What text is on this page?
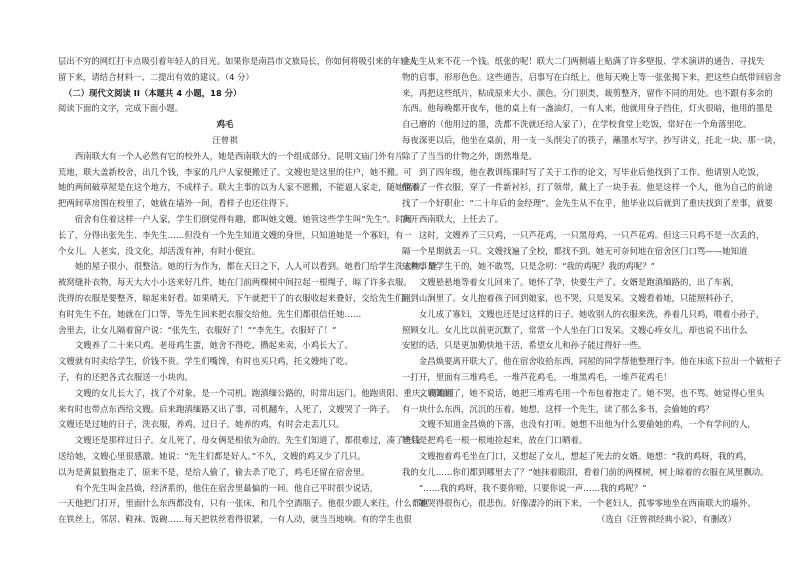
层出不穷的网红打卡点吸引着年轻人的目光。如果你是南昌市文旅局长，你如何将吸引来的年轻人
留下来，请结合材料一、二提出有效的建议。（4 分）
（二）现代文阅读 II（本题共 4 小题，18 分）
阅读下面的文字，完成下面小题。
鸡毛
汪曾祺
　　西南联大有一个人必然有它的校外人，她是西南联大的一个组成部分。昆明文庙门外有片
荒地，联大盖新校舍，出几个钱，李家的几户人家便搬迁了。文嫂也是这里的住户，她不搬。可
她的两间破草屋是在这个地方，不成样子。联大主事的以为人家不愿搬，不能逼人家走，随她留着。
把两间草房围在校里了，她就在墙外一间，看样子也还住得下。
　　宿舍有住着这样一户人家，学生们倒觉得有趣，都叫她文嫂。她管这些学生叫“先生”。时间
长了，分得出张先生、李先生……但没有一个先生知道文嫂的身世，只知道她是一个寡妇，有一
个女儿。人老实，没文化，却活泼有神，有时小便宜。
　　她的屋子很小，很整洁。她的行为作为，都在天日之下，人人可以看到。她看门给学生洗衣物、缝
被窝缝补衣物，每天大大小小送来好几件，她在门前两棵树中间拉起一根绳子，晾了许多衣服。
洗得的衣服是要整齐，晾起来好看。如果晴天，下午就把干了的衣服收起来叠好，交给先生们
有时先生不在，她就在门口等，等先生回来把衣服交给他。先生们都很信任她……
舍里去，让女儿隔着窗户说：“张先生，衣服好了！”“李先生，衣服好了！”
　　文嫂养了二十来只鸡。老母鸡生蛋，她舍不得吃，攒起来卖，小鸡长大了。
文嫂就有时卖给学生，价钱不贵。学生们嘴馋，有时也买只鸡，托文嫂炖了吃。
子，有的还把各式衣服送一小块肉。
　　文嫂的女儿长大了，找了个对象，是一个司机。跑滇缅公路的，时常出远门。他跑贵阳、重庆，再跑回
来有时也带点东西给文嫂。后来跑滇缅路又出了事，司机翻车，人死了，文嫂哭了一阵子。
文嫂还是过她的日子，洗衣服，养鸡，过日子。她养的鸡，有时会走丢几只。
　　文嫂还是那样过日子。女儿死了，母女俩是相依为命的。先生们知道了，都很难过，凑了些钱
送给她，文嫂心里很感激。她说：“先生们都是好人。”不久，文嫂的鸡又少了几只。
以为是黄鼠狼拖走了，原来不是，是给人偷了，偷去杀了吃了，鸡毛还留在宿舍里。
　　有个先生叫金昌焕，经济系的，他住在宿舍里最偏的一间。他自己平时很少说话，
一天他把门打开，里面什么东西都没有，只有一张床，和几个空酒瓶子。他很少跟人来往，什么都抠
在铁丝上，邻居、鞋袜、饭碗……每天把铁丝看得很紧，一有人动，就当当地响。有的学生也很
金先生从来不花一个钱。纸张的呢！联大二门两侧墙上贴满了许多壁报、学术演讲的通告、寻找失
物的启事，形形色色。这些通告，启事写在白纸上，他每天晚上等一张张揭下来，把这些白纸带回宿舍
来，再把这些纸片，粘成原来大小、颜色，分门别类，裁剪整齐，留作不同的用处。也不跟有多余的
东西。他每晚都开夜车，他的桌上有一盏油灯，一有人来，他就用身子挡住，灯火很暗，他用的墨是
自己磨的（他用过的墨，洗都不洗就还给人家了），在学校食堂上吃饭，常好在一个角落里吃。
每夜深更以后，他坐在桌前，用一支一头削尖了的筷子，蘸墨水写字，抄写讲义，托北一块、那一块，
除了了当当的什物之外，朗然堆是。
　　到了四年级，他在教训练课时写了关于工作的论文，写毕业后他找到了工作。他请别人吃饭，
他添了一件衣服，穿了一件新衬衫，打了领带，戴上了一块手表。他是这样一个人，他为自己的前途
找了一个好职业：“二十年后的金经理”。金先生从不在乎，他毕业以后就到了重庆找到了差事，就要
离开西南联大，上任去了。
　　这时，文嫂养了三只鸡，一只芦花鸡，一只黑母鸡，一只芦花鸡。但这三只鸡不是一次丢的，
隔一个星期就丢一只。文嫂找遍了全校，都找不到。她无可奈何地在宿舍区门口骂——她知道
这种事是学生干的，她不敢骂，只是念叨：“我的鸡呢？我的鸡呢？”
　　文嫂悬悬地等着女儿回来了。她怀了孕，快要生产了。女婿是跑滇缅路的，出了车祸，
翻到山涧里了。女儿抱着孩子回到娘家，也不哭，只是发呆。文嫂看着她，只能照料孙子，
　　女儿成了寡妇，文嫂也还是过这样的日子。她收别人的衣服来洗，养着几只鸡，喂着小孙子，
照顾女儿。女儿比以前更沉默了，常常一个人坐在门口发呆。文嫂心疼女儿，却也说不出什么
安慰的话，只是更加勤快地干活，希望女儿和孙子能过得好一些。
　　金昌焕要离开联大了，他在宿舍收拾东西，同屋的同学帮他整理行李。他在床底下拉出一个破柜子
一打开，里面有三堆鸡毛，一堆芦花鸡毛，一堆黑鸡毛，一堆芦花鸡毛！
　　文嫂知道了，她不说话，她把三堆鸡毛用一个布包着抱走了。她不哭，也不骂。她觉得心里头
有一块什么东西，沉沉的压着。她想，这样一个先生，读了那么多书，会偷她的鸡？
　　文嫂不知道金昌焕的下落，也没有打听。她想不出他为什么要偷她的鸡，一个有学问的人，
她只是把鸡毛一根一根地捡起来，放在门口晒着。
　　文嫂抱着鸡毛坐在门口，又想起了女儿，想起了死去的女婿。她想：“我的鸡呀，我的鸡，
我的女儿……你们都到哪里去了？”她抹着眼泪，看着门前的两棵树，树上晾着的衣服在风里飘动。
　　“……我的鸡呀，我不要你赔，只要你说一声……我的鸡呢？”
　　她哭得很伤心，很悲伤。好像凄冷的雨下来，一个老妇人，孤零零地坐在西南联大的墙外。
（选自《汪曾祺经典小说》，有删改）
